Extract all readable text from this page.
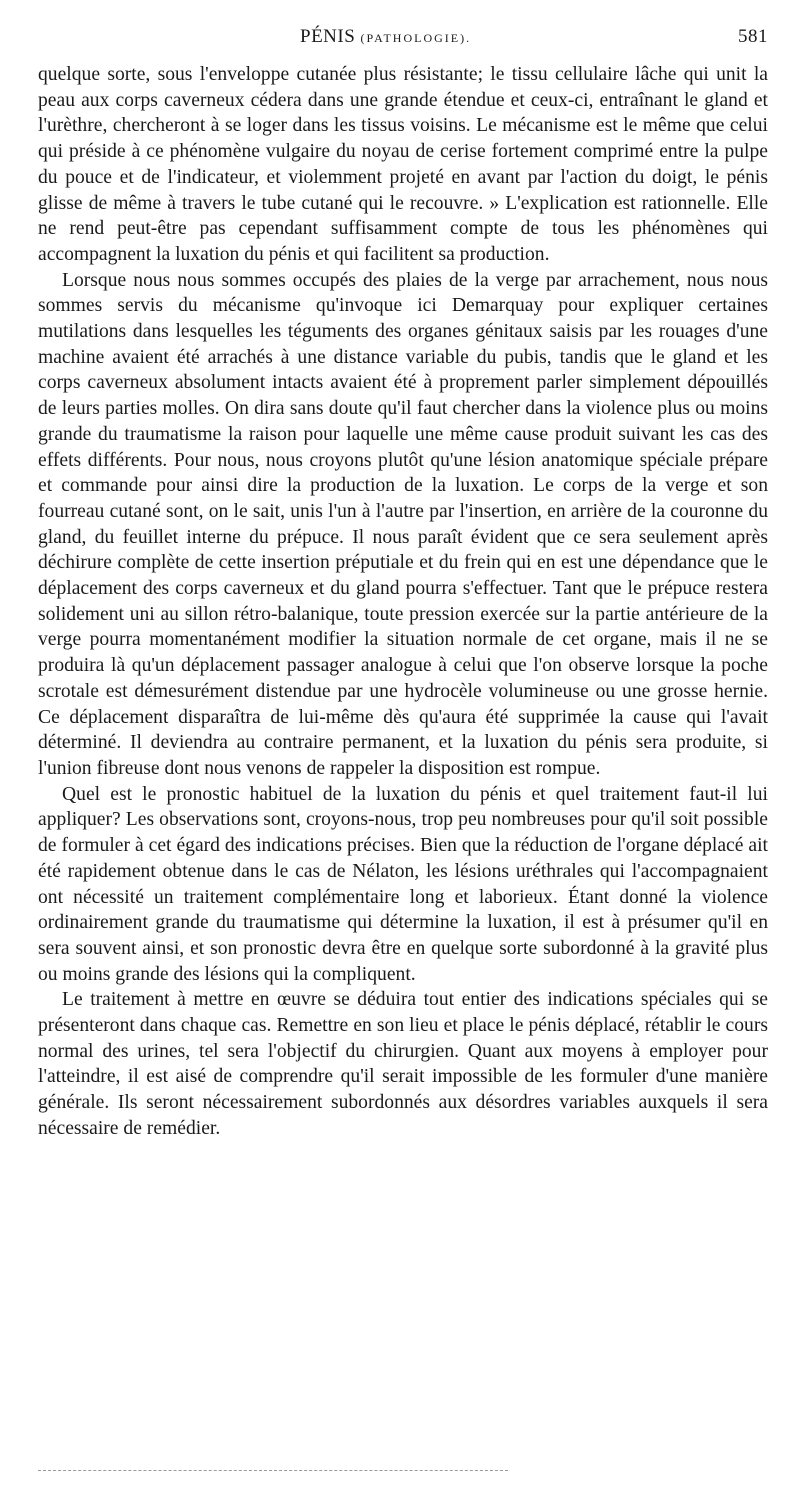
PÉNIS (PATHOLOGIE).	581

quelque sorte, sous l'enveloppe cutanée plus résistante; le tissu cellulaire lâche qui unit la peau aux corps caverneux cédera dans une grande étendue et ceux-ci, entraînant le gland et l'urèthre, chercheront à se loger dans les tissus voisins. Le mécanisme est le même que celui qui préside à ce phénomène vulgaire du noyau de cerise fortement comprimé entre la pulpe du pouce et de l'indicateur, et violemment projeté en avant par l'action du doigt, le pénis glisse de même à travers le tube cutané qui le recouvre. » L'explication est rationnelle. Elle ne rend peut-être pas cependant suffisamment compte de tous les phénomènes qui accompagnent la luxation du pénis et qui facilitent sa production.

Lorsque nous nous sommes occupés des plaies de la verge par arrachement, nous nous sommes servis du mécanisme qu'invoque ici Demarquay pour expliquer certaines mutilations dans lesquelles les téguments des organes génitaux saisis par les rouages d'une machine avaient été arrachés à une distance variable du pubis, tandis que le gland et les corps caverneux absolument intacts avaient été à proprement parler simplement dépouillés de leurs parties molles. On dira sans doute qu'il faut chercher dans la violence plus ou moins grande du traumatisme la raison pour laquelle une même cause produit suivant les cas des effets différents. Pour nous, nous croyons plutôt qu'une lésion anatomique spéciale prépare et commande pour ainsi dire la production de la luxation. Le corps de la verge et son fourreau cutané sont, on le sait, unis l'un à l'autre par l'insertion, en arrière de la couronne du gland, du feuillet interne du prépuce. Il nous paraît évident que ce sera seulement après déchirure complète de cette insertion préputiale et du frein qui en est une dépendance que le déplacement des corps caverneux et du gland pourra s'effectuer. Tant que le prépuce restera solidement uni au sillon rétro-balanique, toute pression exercée sur la partie antérieure de la verge pourra momentanément modifier la situation normale de cet organe, mais il ne se produira là qu'un déplacement passager analogue à celui que l'on observe lorsque la poche scrotale est démesurément distendue par une hydrocèle volumineuse ou une grosse hernie. Ce déplacement disparaîtra de lui-même dès qu'aura été supprimée la cause qui l'avait déterminé. Il deviendra au contraire permanent, et la luxation du pénis sera produite, si l'union fibreuse dont nous venons de rappeler la disposition est rompue.

Quel est le pronostic habituel de la luxation du pénis et quel traitement faut-il lui appliquer? Les observations sont, croyons-nous, trop peu nombreuses pour qu'il soit possible de formuler à cet égard des indications précises. Bien que la réduction de l'organe déplacé ait été rapidement obtenue dans le cas de Nélaton, les lésions uréthrales qui l'accompagnaient ont nécessité un traitement complémentaire long et laborieux. Étant donné la violence ordinairement grande du traumatisme qui détermine la luxation, il est à présumer qu'il en sera souvent ainsi, et son pronostic devra être en quelque sorte subordonné à la gravité plus ou moins grande des lésions qui la compliquent.

Le traitement à mettre en œuvre se déduira tout entier des indications spéciales qui se présenteront dans chaque cas. Remettre en son lieu et place le pénis déplacé, rétablir le cours normal des urines, tel sera l'objectif du chirurgien. Quant aux moyens à employer pour l'atteindre, il est aisé de comprendre qu'il serait impossible de les formuler d'une manière générale. Ils seront nécessairement subordonnés aux désordres variables auxquels il sera nécessaire de remédier.
